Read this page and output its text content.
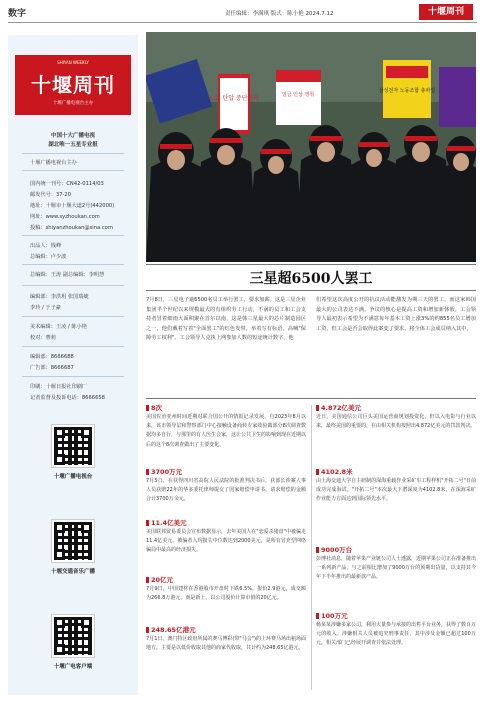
数字	责任编辑：李满琪 版式：陈小艳 2024.7.12	十堰周刊
SHIYAN WEEKLY
十堰周刊
十堰广播电视台主办
中国十大广播电视
湖北唯一五星专业报
十堰广播电视台主办
国内统一刊号：CN42-0114/03
邮发代号：37-20
地址：十堰市十堰大道2号(442000)
网址：www.syzhoukan.com
投稿：shiyanzhoukan@sina.com
出品人：钱峰
总编辑：卢少波
总编辑：王涛 副总编辑：李明慧
编辑部：李洪玥 张国瑞婕
李玲 / 于子豪
美术编辑：王凌 / 陈小艳
校对：曹莉
编辑部：8666688
广告部：8666687
印刷：十堰日报社印刷厂
记者监督及投诉电话：8666658
十堰广播电视台
十堰交通音乐广播
十堰广电客户端
노조 탄압 중단하라	임금 인상 쟁취
삼성전자 노동조합 총파업
三星超6500人罢工
7月8日，三星电子逾6500名员工举行罢工，要求加薪。这是三星企业集团半个世纪以来规模最大的有组织劳工行动，不满的员工和工会支持者冒着细雨大面积聚在首尔以南，这是韩三星最大的芯片制造园区之一，他们戴着写着"全面罢工"的红色发带，举着写有标语，高喊"保障劳工权利"。工会领导人克执上网参加人数的短途统计数字，他
们希望这次高度公开的抗议活动能激发为期三天的罢工，而这家韩国最大的公司表达不满。争议的核心是提高工资和增加新休假。工会领导人最初表示希望为不满意每年基本工资上涨3%的约855名员工增加工资，但工会是否会取得此案变了要求，将全体工会成员纳入其中。
8次
美国佐治亚州时间近期对联合国公开的情报记录发展，自2023年8月以来，该市领导层和警察部门中心接触设备商转专家效验做部分8次调查数据均多自行，与那里的有人医生会家，这让公共卫生的影响到现在近期以后的这个8次调查做出了主要变化。
3700万元
7月5日，在获得四川省高院人民法院的批准判决书后，获部长涉案人事人员获赔22年的华多委托律师提交了国家赔偿申请书，请求赔偿的金额合计3700万余元。
11.4亿美元
美国联邦贸易委员会宣布数据显示，去年美国人在"恋爱杀猪盘"中被骗走11.4亿美元，被骗者人均损失中位数达到2000美元，是所有冒充型网络骗局中最高的经济损失。
20亿元
7月9日，中国建材在香港股市开盘时下跌6.5%，报价2.9港元，成交额为266.8万港元，而是新上，以公司股价计算市值的20亿元。
248.65亿港元
7月1日，澳门特区政府所属的赛马博彩(带"马会")的上环赛马场出租场面地方，主要是以低价收取其他的商家代收取，共计约为248.65亿港元。
4.872亿美元
近日，美国通信公司巨头美国运营商规划投资化，但以入电影与行业以来，最终美国的重要的，在由相关机构按照出4.872亿美元的罚款判决。
4102.8米
由上海交通大学自主研制的深海重载作业采矿车工程样机"开拓二号"日前成功完成海试。"开拓二号"本次最大下潜深度为4102.8米，在深海采矿作业能力方面达到国际领先水平。
9000万台
彭博社消息，随着苹果产业链公司人士透露，近期苹果公司正在准备推出一系列新产品，与之前相比增加了9000万台的预期出货量，以支持其今年下半年推出的最新款产品。
100万元
杨某某涉嫌多家公司，利用大量参与承接的出售平台业务，获得了数百万元的收入。涉嫌相关人员被追究刑事责任，其中涉及金额已超过100万元，相关部门已经展开调查并依法处理。
